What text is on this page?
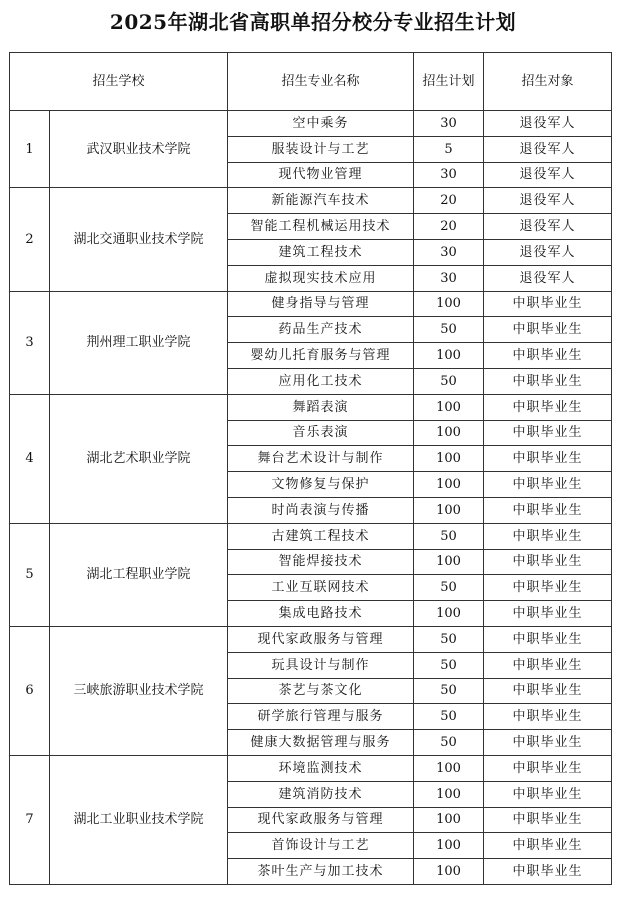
2025年湖北省高职单招分校分专业招生计划
招生学校		招生专业名称	招生计划	招生对象
1	武汉职业技术学院	空中乘务	30	退役军人
		服装设计与工艺	5	退役军人
		现代物业管理	30	退役军人
2	湖北交通职业技术学院	新能源汽车技术	20	退役军人
		智能工程机械运用技术	20	退役军人
		建筑工程技术	30	退役军人
		虚拟现实技术应用	30	退役军人
3	荆州理工职业学院	健身指导与管理	100	中职毕业生
		药品生产技术	50	中职毕业生
		婴幼儿托育服务与管理	100	中职毕业生
		应用化工技术	50	中职毕业生
4	湖北艺术职业学院	舞蹈表演	100	中职毕业生
		音乐表演	100	中职毕业生
		舞台艺术设计与制作	100	中职毕业生
		文物修复与保护	100	中职毕业生
		时尚表演与传播	100	中职毕业生
5	湖北工程职业学院	古建筑工程技术	50	中职毕业生
		智能焊接技术	100	中职毕业生
		工业互联网技术	50	中职毕业生
		集成电路技术	100	中职毕业生
6	三峡旅游职业技术学院	现代家政服务与管理	50	中职毕业生
		玩具设计与制作	50	中职毕业生
		茶艺与茶文化	50	中职毕业生
		研学旅行管理与服务	50	中职毕业生
		健康大数据管理与服务	50	中职毕业生
7	湖北工业职业技术学院	环境监测技术	100	中职毕业生
		建筑消防技术	100	中职毕业生
		现代家政服务与管理	100	中职毕业生
		首饰设计与工艺	100	中职毕业生
		茶叶生产与加工技术	100	中职毕业生
